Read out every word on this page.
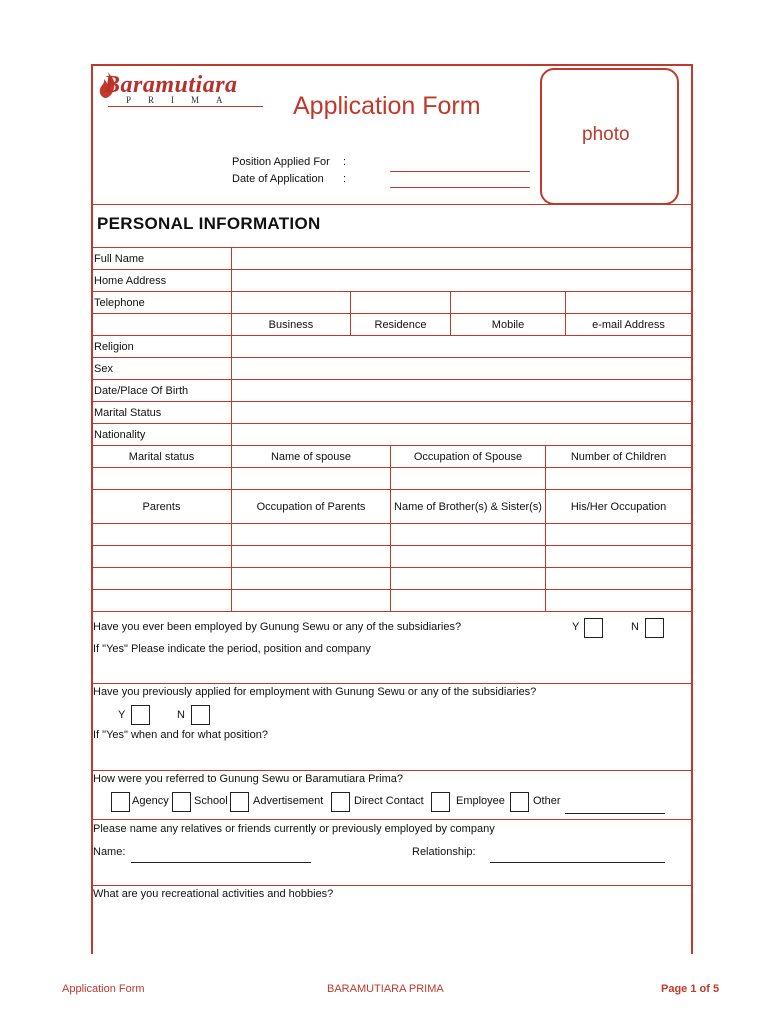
Baramutiara
PRIMA Application Form
photo
Position Applied For :
Date of Application :
PERSONAL INFORMATION
Full Name				
Home Address				
Telephone				
	Business	Residence	Mobile	e-mail Address
Religion				
Sex				
Date/Place Of Birth				
Marital Status				
Nationality				
Marital status	Name of spouse	Occupation of Spouse	Number of Children

Parents	Occupation of Parents	Name of Brother(s) & Sister(s)	His/Her Occupation

Have you ever been employed by Gunung Sewu or any of the subsidiaries?	Y	N
If "Yes" Please indicate the period, position and company
Have you previously applied for employment with Gunung Sewu or any of the subsidiaries?
Y	N
If "Yes" when and for what position?
How were you referred to Gunung Sewu or Baramutiara Prima?
Agency School Advertisement	Direct Contact	Employee	Other
Please name any relatives or friends currently or previously employed by company
Name:	Relationship:
What are you recreational activities and hobbies?
Application Form	BARAMUTIARA PRIMA	Page 1 of 5
